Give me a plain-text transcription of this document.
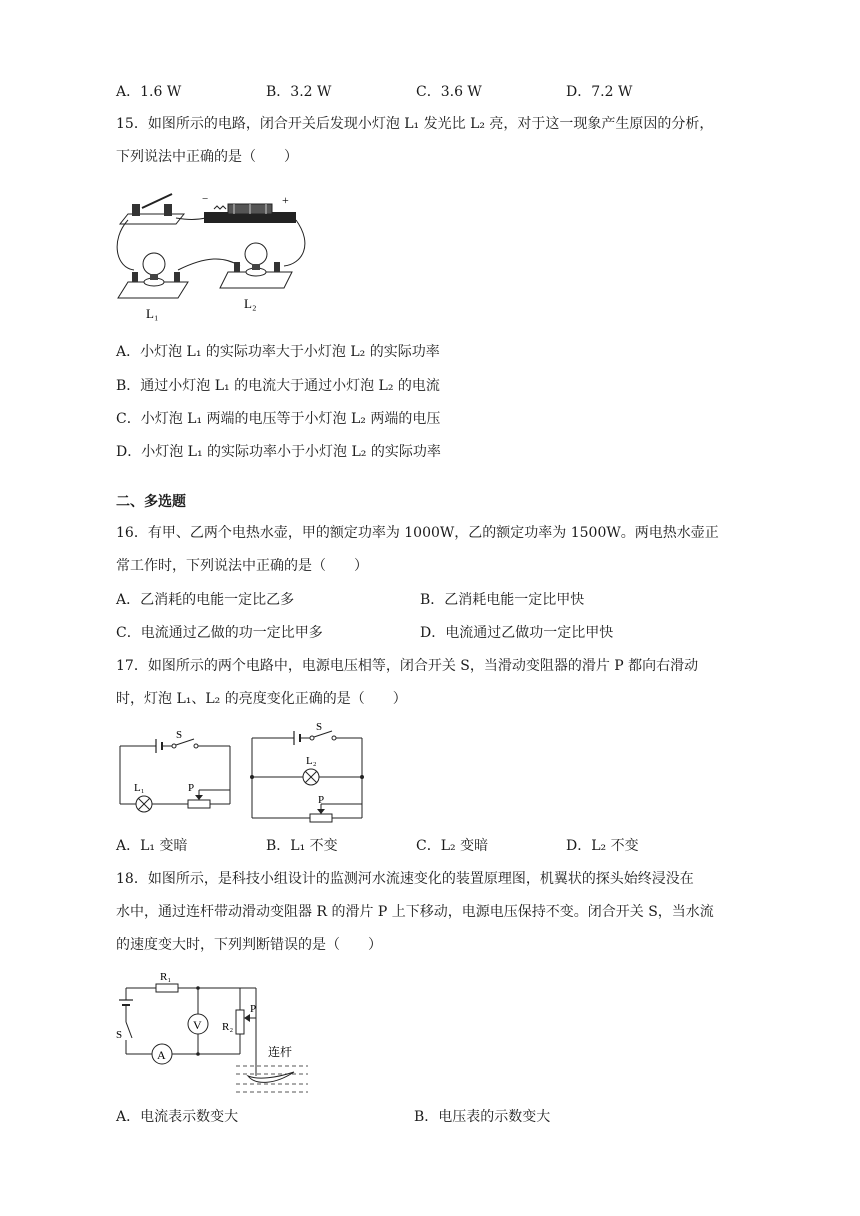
A．1.6 W	B．3.2 W	C．3.6 W	D．7.2 W
15．如图所示的电路，闭合开关后发现小灯泡 L₁ 发光比 L₂ 亮，对于这一现象产生原因的分析，
下列说法中正确的是（　　）
−	+
L₁
L₂
A．小灯泡 L₁ 的实际功率大于小灯泡 L₂ 的实际功率
B．通过小灯泡 L₁ 的电流大于通过小灯泡 L₂ 的电流
C．小灯泡 L₁ 两端的电压等于小灯泡 L₂ 两端的电压
D．小灯泡 L₁ 的实际功率小于小灯泡 L₂ 的实际功率
二、多选题
16．有甲、乙两个电热水壶，甲的额定功率为 1000W，乙的额定功率为 1500W。两电热水壶正
常工作时，下列说法中正确的是（　　）
A．乙消耗的电能一定比乙多	B．乙消耗电能一定比甲快
C．电流通过乙做的功一定比甲多	D．电流通过乙做功一定比甲快
17．如图所示的两个电路中，电源电压相等，闭合开关 S，当滑动变阻器的滑片 P 都向右滑动
时，灯泡 L₁、L₂ 的亮度变化正确的是（　　）
S
L₁	P
S
L₂
P
A．L₁ 变暗	B．L₁ 不变	C．L₂ 变暗	D．L₂ 不变
18．如图所示，是科技小组设计的监测河水流速变化的装置原理图，机翼状的探头始终浸没在
水中，通过连杆带动滑动变阻器 R 的滑片 P 上下移动，电源电压保持不变。闭合开关 S，当水流
的速度变大时，下列判断错误的是（　　）
R₁
S
A
V R₂
P
连杆
A．电流表示数变大	B．电压表的示数变大
